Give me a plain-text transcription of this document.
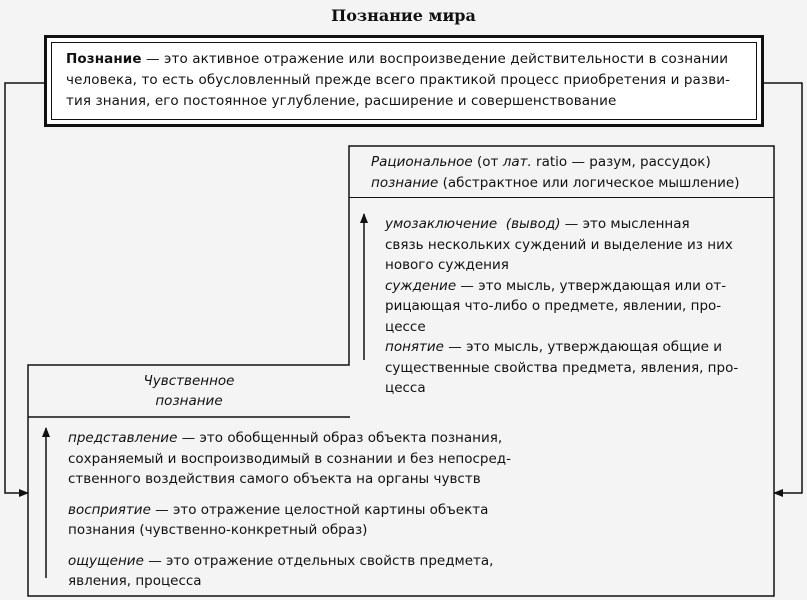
Познание мира
Познание — это активное отражение или воспроизведение действительности в сознании
человека, то есть обусловленный прежде всего практикой процесс приобретения и разви-
тия знания, его постоянное углубление, расширение и совершенствование
Рациональное (от лат. ratio — разум, рассудок)
познание (абстрактное или логическое мышление)
умозаключение  (вывод) — это мысленная
связь нескольких суждений и выделение из них
нового суждения
суждение — это мысль, утверждающая или от-
рицающая что-либо о предмете, явлении, про-
цессе
понятие — это мысль, утверждающая общие и
существенные свойства предмета, явления, про-
цесса
Чувственное
познание
представление — это обобщенный образ объекта познания,
сохраняемый и воспроизводимый в сознании и без непосред-
ственного воздействия самого объекта на органы чувств
восприятие — это отражение целостной картины объекта
познания (чувственно-конкретный образ)
ощущение — это отражение отдельных свойств предмета,
явления, процесса
